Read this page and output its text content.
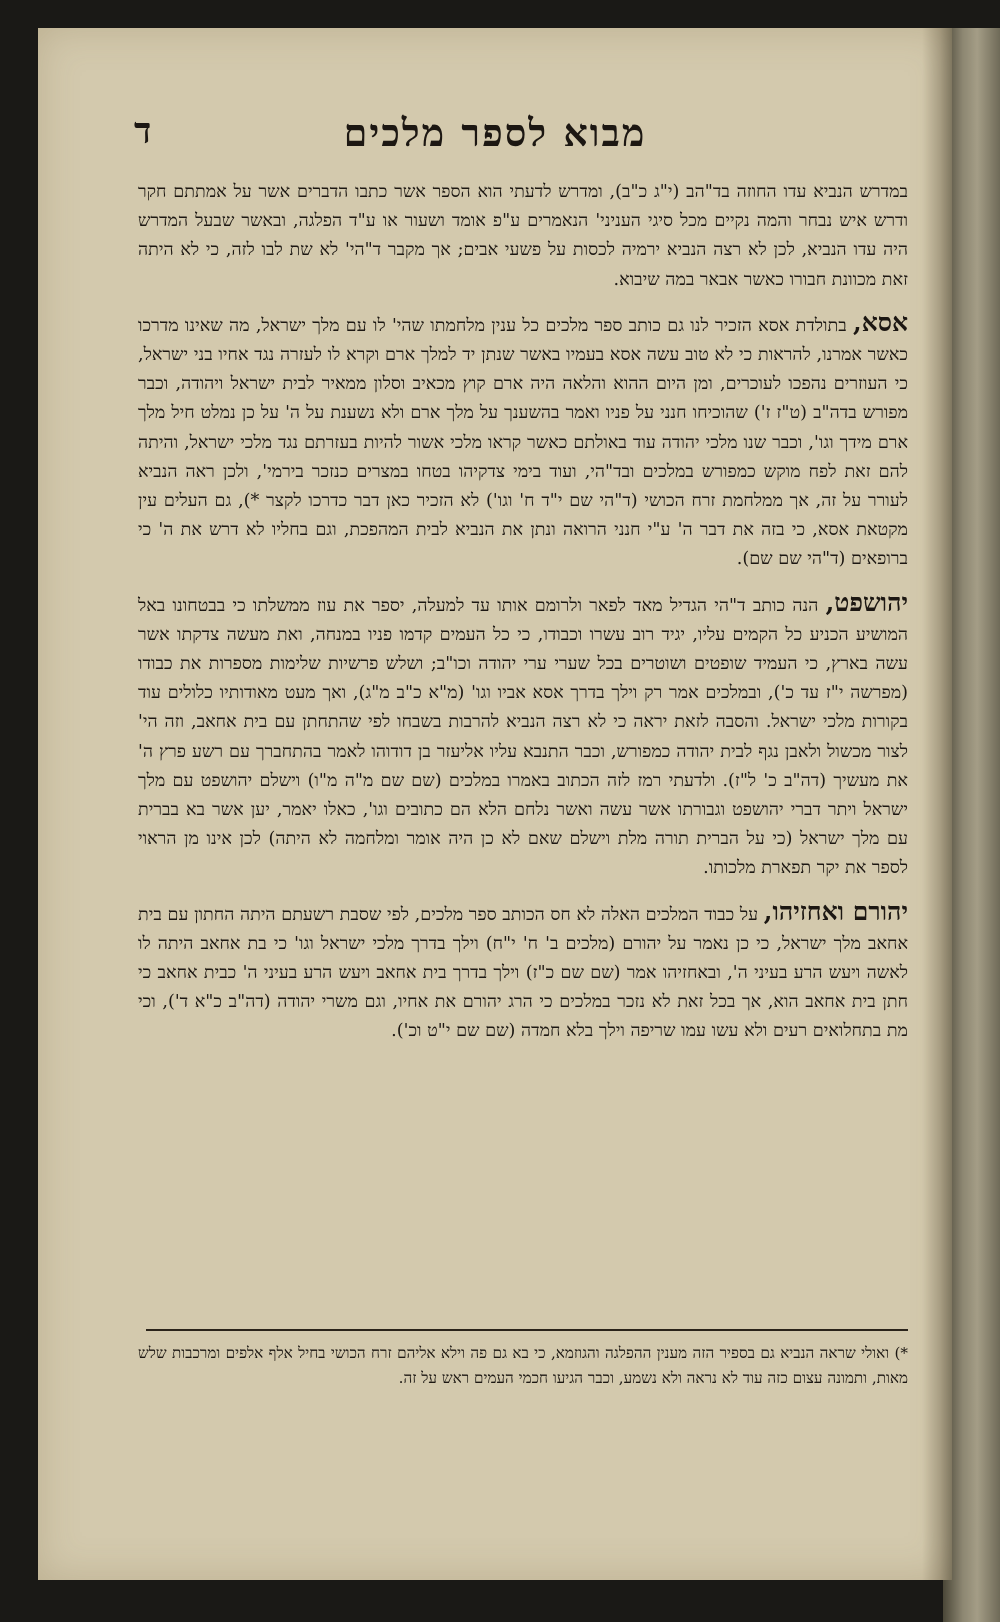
מבוא לספר מלכים
ד

במדרש הנביא עדו החוזה בד"הב (י"ג כ"ב), ומדרש לדעתי הוא הספר אשר כתבו הדברים אשר על אמתתם חקר ודרש איש נבחר והמה נקיים מכל סיגי העניני' הנאמרים ע"פ אומד ושעור או ע"ד הפלגה, ובאשר שבעל המדרש היה עדו הנביא, לכן לא רצה הנביא ירמיה לכסות על פשעי אבים; אך מקבר ד"הי' לא שת לבו לזה, כי לא היתה זאת מכוונת חבורו כאשר אבאר במה שיבוא.

אסא, בתולדת אסא הזכיר לנו גם כותב ספר מלכים כל ענין מלחמתו שהי' לו עם מלך ישראל, מה שאינו מדרכו כאשר אמרנו, להראות כי לא טוב עשה אסא בעמיו באשר שנתן יד למלך ארם וקרא לו לעזרה נגד אחיו בני ישראל, כי העוזרים נהפכו לעוכרים, ומן היום ההוא והלאה היה ארם קוץ מכאיב וסלון ממאיר לבית ישראל ויהודה, וכבר מפורש בדה"ב (ט"ז ז') שהוכיחו חנני על פניו ואמר בהשענך על מלך ארם ולא נשענת על ה' על כן נמלט חיל מלך ארם מידך וגו', וכבר שנו מלכי יהודה עוד באולתם כאשר קראו מלכי אשור להיות בעזרתם נגד מלכי ישראל, והיתה להם זאת לפח מוקש כמפורש במלכים ובד"הי, ועוד בימי צדקיהו בטחו במצרים כנזכר בירמי', ולכן ראה הנביא לעורר על זה, אך ממלחמת זרח הכושי (ד"הי שם י"ד ח' וגו') לא הזכיר כאן דבר כדרכו לקצר *), גם העלים עין מקטאת אסא, כי בזה את דבר ה' ע"י חנני הרואה ונתן את הנביא לבית המהפכת, וגם בחליו לא דרש את ה' כי ברופאים (ד"הי שם שם).

יהושפט, הנה כותב ד"הי הגדיל מאד לפאר ולרומם אותו עד למעלה, יספר את עוז ממשלתו כי בבטחונו באל המושיע הכניע כל הקמים עליו, יגיד רוב עשרו וכבודו, כי כל העמים קדמו פניו במנחה, ואת מעשה צדקתו אשר עשה בארץ, כי העמיד שופטים ושוטרים בכל שערי ערי יהודה וכו"ב; ושלש פרשיות שלימות מספרות את כבודו (מפרשה י"ז עד כ'), ובמלכים אמר רק וילך בדרך אסא אביו וגו' (מ"א כ"ב מ"ג), ואך מעט מאודותיו כלולים עוד בקורות מלכי ישראל. והסבה לזאת יראה כי לא רצה הנביא להרבות בשבחו לפי שהתחתן עם בית אחאב, וזה הי' לצור מכשול ולאבן נגף לבית יהודה כמפורש, וכבר התנבא עליו אליעזר בן דודוהו לאמר בהתחברך עם רשע פרץ ה' את מעשיך (דה"ב כ' ל"ז). ולדעתי רמז לזה הכתוב באמרו במלכים (שם שם מ"ה מ"ו) וישלם יהושפט עם מלך ישראל ויתר דברי יהושפט וגבורתו אשר עשה ואשר נלחם הלא הם כתובים וגו', כאלו יאמר, יען אשר בא בברית עם מלך ישראל (כי על הברית תורה מלת וישלם שאם לא כן היה אומר ומלחמה לא היתה) לכן אינו מן הראוי לספר את יקר תפארת מלכותו.

יהורם ואחזיהו, על כבוד המלכים האלה לא חס הכותב ספר מלכים, לפי שסבת רשעתם היתה החתון עם בית אחאב מלך ישראל, כי כן נאמר על יהורם (מלכים ב' ח' י"ח) וילך בדרך מלכי ישראל וגו' כי בת אחאב היתה לו לאשה ויעש הרע בעיני ה', ובאחזיהו אמר (שם שם כ"ז) וילך בדרך בית אחאב ויעש הרע בעיני ה' כבית אחאב כי חתן בית אחאב הוא, אך בכל זאת לא נזכר במלכים כי הרג יהורם את אחיו, וגם משרי יהודה (דה"ב כ"א ד'), וכי מת בתחלואים רעים ולא עשו עמו שריפה וילך בלא חמדה (שם שם י"ט וכ').

*) ואולי שראה הנביא גם בספיר הזה מענין ההפלגה והגוזמא, כי בא גם פה וילא אליהם זרח הכושי בחיל אלף אלפים ומרכבות שלש מאות, ותמונה עצום כזה עוד לא נראה ולא נשמע, וכבר הגיעו חכמי העמים ראש על זה.
